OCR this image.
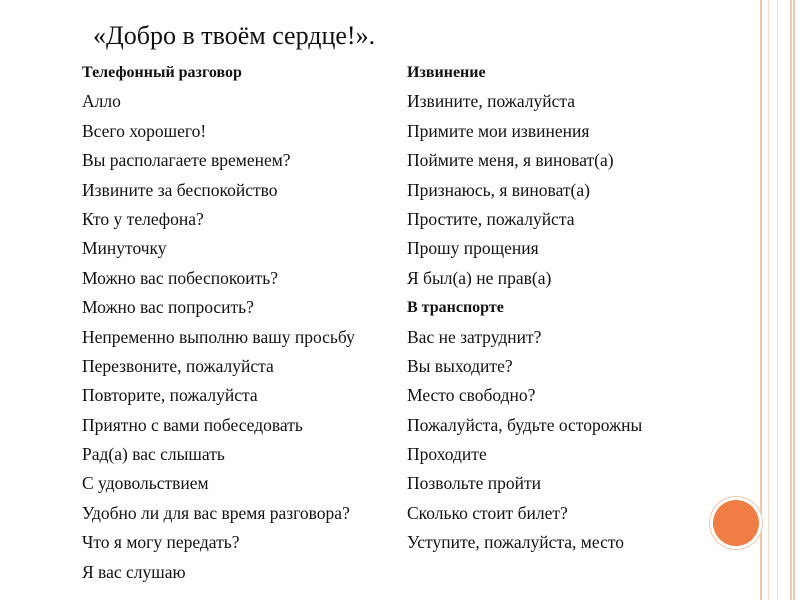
«Добро в твоём сердце!».
Телефонный разговор
Алло
Всего хорошего!
Вы располагаете временем?
Извините за беспокойство
Кто у телефона?
Минуточку
Можно вас побеспокоить?
Можно вас попросить?
Непременно выполню вашу просьбу
Перезвоните, пожалуйста
Повторите, пожалуйста
Приятно с вами побеседовать
Рад(а) вас слышать
С удовольствием
Удобно ли для вас время разговора?
Что я могу передать?
Я вас слушаю
Извинение
Извините, пожалуйста
Примите мои извинения
Поймите меня, я виноват(а)
Признаюсь, я виноват(а)
Простите, пожалуйста
Прошу прощения
Я был(а) не прав(а)
В транспорте
Вас не затруднит?
Вы выходите?
Место свободно?
Пожалуйста, будьте осторожны
Проходите
Позвольте пройти
Сколько стоит билет?
Уступите, пожалуйста, место
